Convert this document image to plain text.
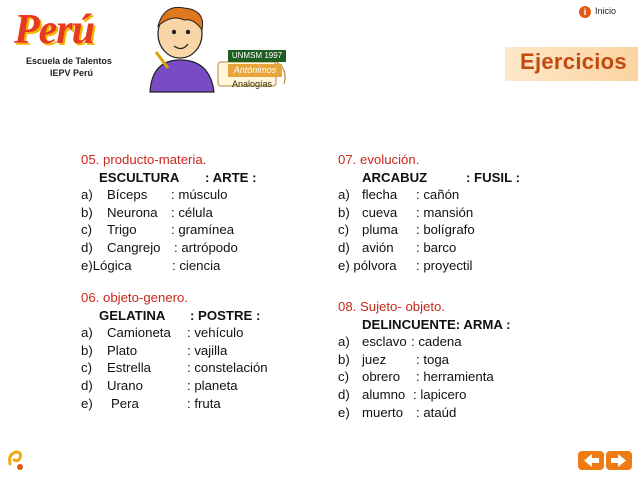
Perú
Escuela de Talentos
IEPV Perú
UNMSM 1997
Antónimos
Analogías
i Inicio
Ejercicios
05. producto-materia.
ESCULTURA : ARTE :
a) Bíceps : músculo
b) Neurona : célula
c) Trigo	: gramínea
d) Cangrejo : artrópodo
e)Lógica	: ciencia
06. objeto-genero.
GELATINA : POSTRE :
a) Camioneta : vehículo
b) Plato	: vajilla
c) Estrella	: constelación
d) Urano	: planeta
e) Pera	: fruta
07. evolución.
ARCABUZ	: FUSIL :
a) flecha : cañón
b) cueva : mansión
c) pluma : bolígrafo
d) avión : barco
e) pólvora : proyectil
08. Sujeto- objeto.
DELINCUENTE: ARMA :
a) esclavo : cadena
b) juez : toga
c) obrero : herramienta
d) alumno : lapicero
e) muerto : ataúd
